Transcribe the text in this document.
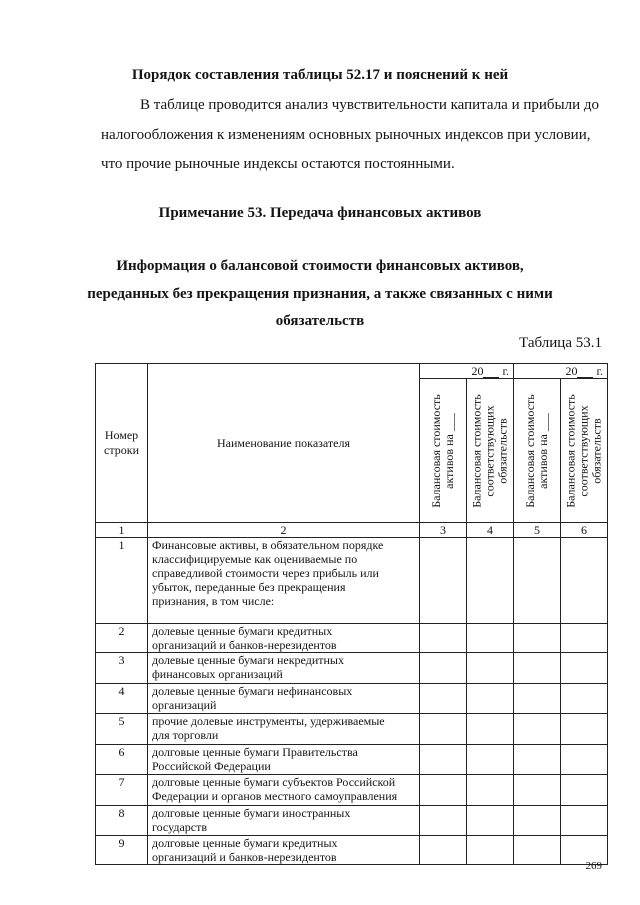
Порядок составления таблицы 52.17 и пояснений к ней
В таблице проводится анализ чувствительности капитала и прибыли до
налогообложения к изменениям основных рыночных индексов при условии,
что прочие рыночные индексы остаются постоянными.
Примечание 53. Передача финансовых активов
Информация о балансовой стоимости финансовых активов,
переданных без прекращения признания, а также связанных с ними
обязательств
Таблица 53.1
Номер строки	Наименование показателя	20 г.		20 г.	

		Балансовая стоимость активов на ___	Балансовая стоимость соответствующих обязательств	Балансовая стоимость активов на ___	Балансовая стоимость соответствующих обязательств

1	2	3	4	5	6
1	Финансовые активы, в обязательном порядке
классифицируемые как оцениваемые по
справедливой стоимости через прибыль или
убыток, переданные без прекращения
признания, в том числе:				

2	долевые ценные бумаги кредитных
организаций и банков-нерезидентов				

3	долевые ценные бумаги некредитных
финансовых организаций				

4	долевые ценные бумаги нефинансовых
организаций				

5	прочие долевые инструменты, удерживаемые
для торговли				

6	долговые ценные бумаги Правительства
Российской Федерации				

7	долговые ценные бумаги субъектов Российской
Федерации и органов местного самоуправления				

8	долговые ценные бумаги иностранных
государств				

9	долговые ценные бумаги кредитных
организаций и банков-нерезидентов				

269
